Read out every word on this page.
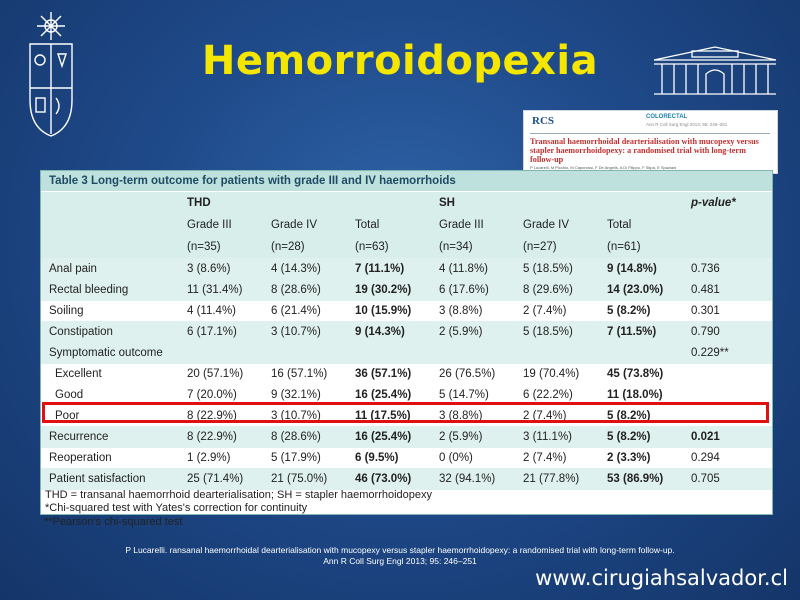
Hemorroidopexia
RCS	COLORECTAL
Ann R Coll Surg Engl 2013; 95: 246–251
Transanal haemorrhoidal dearterialisation with mucopexy versus stapler haemorrhoidopexy: a randomised trial with long-term follow-up
P Lucarelli, M Picchio, M Caporossi, F De Angelis, A Di Filippo, F Stipa, E Spaziani
Table 3 Long-term outcome for patients with grade III and IV haemorrhoids
THD	SH	p-value*
Grade III	Grade IV	Total	Grade III	Grade IV	Total
(n=35)	(n=28)	(n=63)	(n=34)	(n=27)	(n=61)
Anal pain	3 (8.6%)	4 (14.3%)	7 (11.1%)	4 (11.8%)	5 (18.5%)	9 (14.8%)	0.736
Rectal bleeding	11 (31.4%) 8 (28.6%)	19 (30.2%) 6 (17.6%)	8 (29.6%)	14 (23.0%) 0.481
Soiling	4 (11.4%)	6 (21.4%)	10 (15.9%) 3 (8.8%)	2 (7.4%)	5 (8.2%)	0.301
Constipation	6 (17.1%)	3 (10.7%)	9 (14.3%)	2 (5.9%)	5 (18.5%)	7 (11.5%)	0.790
Symptomatic outcome	0.229**
Excellent	20 (57.1%) 16 (57.1%) 36 (57.1%) 26 (76.5%) 19 (70.4%) 45 (73.8%)
Good	7 (20.0%)	9 (32.1%)	16 (25.4%) 5 (14.7%)	6 (22.2%)	11 (18.0%)
Poor	8 (22.9%)	3 (10.7%)	11 (17.5%) 3 (8.8%)	2 (7.4%)	5 (8.2%)
Recurrence	8 (22.9%)	8 (28.6%)	16 (25.4%) 2 (5.9%)	3 (11.1%)	5 (8.2%)	0.021
Reoperation	1 (2.9%)	5 (17.9%)	6 (9.5%)	0 (0%)	2 (7.4%)	2 (3.3%)	0.294
Patient satisfaction	25 (71.4%) 21 (75.0%) 46 (73.0%) 32 (94.1%) 21 (77.8%) 53 (86.9%) 0.705
THD = transanal haemorrhoid dearterialisation; SH = stapler haemorrhoidopexy
*Chi-squared test with Yates's correction for continuity
**Pearson's chi-squared test
P Lucarelli. ransanal haemorrhoidal dearterialisation with mucopexy versus stapler haemorrhoidopexy: a randomised trial with long-term follow-up.
Ann R Coll Surg Engl 2013; 95: 246–251
www.cirugiahsalvador.cl
